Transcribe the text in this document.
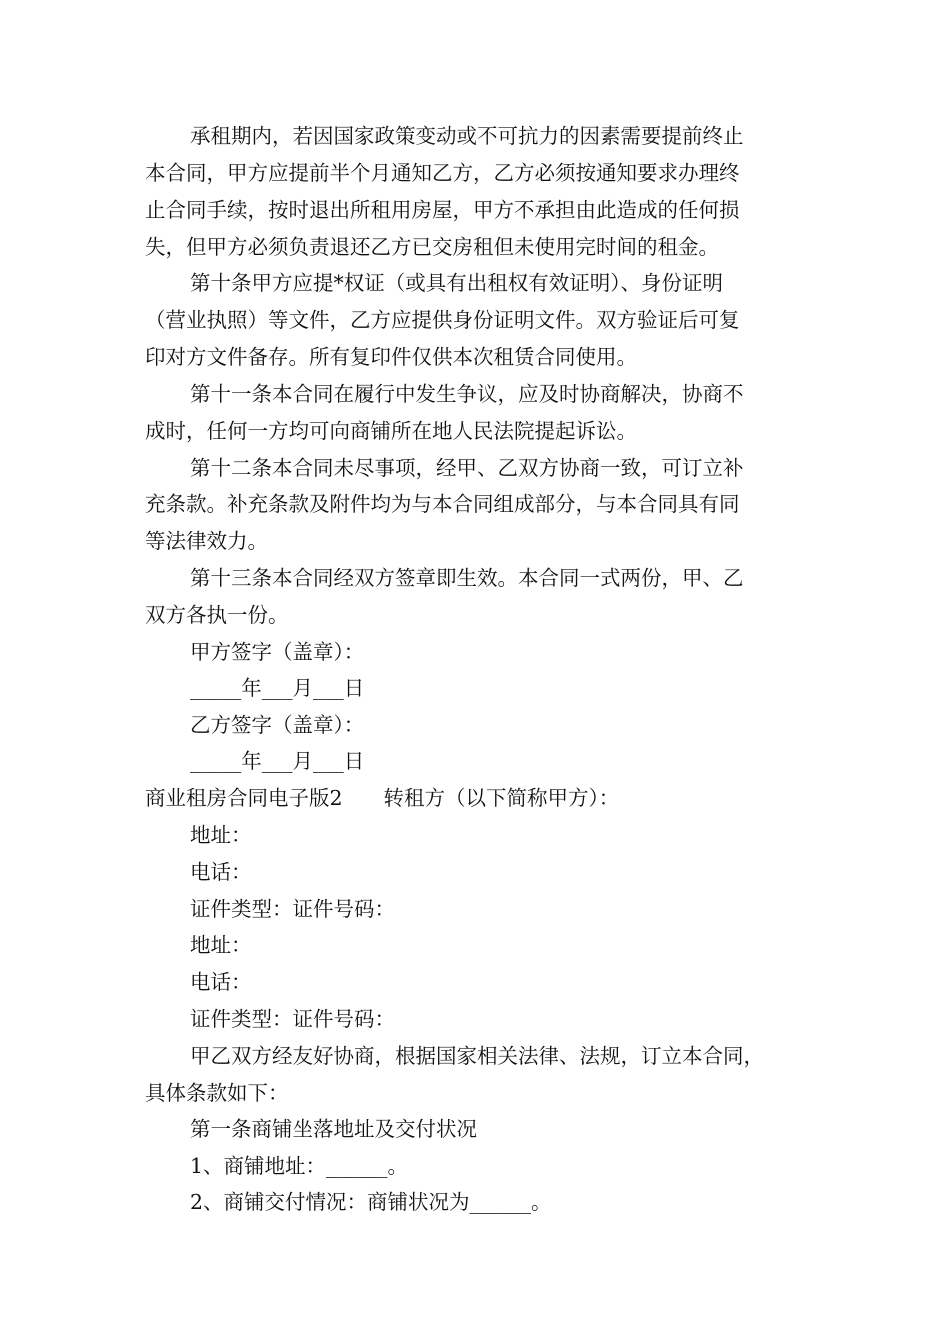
承租期内，若因国家政策变动或不可抗力的因素需要提前终止
本合同，甲方应提前半个月通知乙方，乙方必须按通知要求办理终
止合同手续，按时退出所租用房屋，甲方不承担由此造成的任何损
失，但甲方必须负责退还乙方已交房租但未使用完时间的租金。
第十条甲方应提*权证（或具有出租权有效证明）、身份证明
（营业执照）等文件，乙方应提供身份证明文件。双方验证后可复
印对方文件备存。所有复印件仅供本次租赁合同使用。
第十一条本合同在履行中发生争议，应及时协商解决，协商不
成时，任何一方均可向商铺所在地人民法院提起诉讼。
第十二条本合同未尽事项，经甲、乙双方协商一致，可订立补
充条款。补充条款及附件均为与本合同组成部分，与本合同具有同
等法律效力。
第十三条本合同经双方签章即生效。本合同一式两份，甲、乙
双方各执一份。
甲方签字（盖章）：
_____年___月___日
乙方签字（盖章）：
_____年___月___日
商业租房合同电子版2　　转租方（以下简称甲方）：
地址：
电话：
证件类型：证件号码：
地址：
电话：
证件类型：证件号码：
甲乙双方经友好协商，根据国家相关法律、法规，订立本合同，
具体条款如下：
第一条商铺坐落地址及交付状况
1、商铺地址：______。
2、商铺交付情况：商铺状况为______。
